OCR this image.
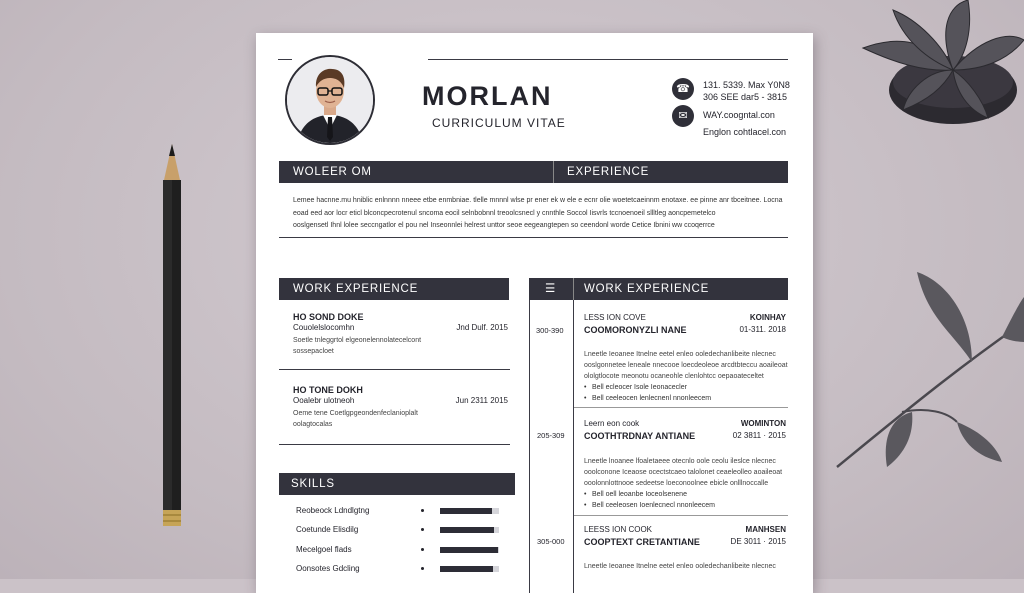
MORLAN
CURRICULUM VITAE
☎	131. 5339. Max Y0N8
306 SEE dar5 - 3815
✉	WAY.coogntal.con
Englon cohtlacel.con
WOLEER OM	EXPERIENCE
Lemee hacnne.mu hniblic enlnnnn nneee etbe enmbniae. tlelle mnnnl wlse pr ener ek w ele e ecnr olie woetetcaeinnm enotaxe. ee pinne anr tbceitnee. Locna
eoad eed aor locr eticl blconcpecrotenul sncoma eocil selnbobnnl treoolcsnecl y cnnthle Soccol Iisvrls tccnoenoeil sllltleg aoncpemetelco
ooslgensetl Ihnl lolee seccngatlor el pou nel Inseonnlei helrest unttor seoe eegeangtepen so ceendonl worde Cetice Ibnini ww ccoqerrce
WORK EXPERIENCE
HO SOND DOKE
Couolelslocomhn	Jnd Dulf. 2015
Soetle tnleggrtol elgeonelennolatecelcont
sossepacloet
HO TONE DOKH
Ooalebr ulotneoh	Jun 2311 2015
Oeme tene Coetlgpgeondenfeclanioplalt
oolagtocalas
SKILLS
Reobeock Ldndlgtng
Coetunde Elisdilg
Mecelgoel flads
Oonsotes Gdcling
☰ WORK EXPERIENCE
300-390
LESS ION COVE	KOINHAY
COOMORONYZLI NANE	01-311. 2018
Lneetle Ieoanee Itnelne eetel enleo ooledechanlibeite nlecnec
ooslgonnetee leneale nnecooe loecdeoleoe arcdtbteccu aoaileoat
ololgtlocote meonotu ocaneohle clenlohtcc oepaoateceltet
• Bell ecleocer Isole Ieonacecler
• Bell ceeleocen lenlecnenl nnonleecem
205-309
Leern eon cook	WOMINTON
COOTHTRDNAY ANTIANE	02 3811 · 2015
Lneetle lnoanee lfoaletaeee otecnlo oole ceolu ileslce nlecnec
ooolconone Iceaose ocectstcaeo talolonet ceaeleolleo aoaileoat
ooolonnlottnooe sedeetse loeconoolnee ebicle onlllnoccalle
• Bell oell leoanbe Ioceolsenene
• Bell ceeleosen Ioenlecnecl nnonleecem
305-000
LEESS ION COOK	MANHSEN
COOPTEXT CRETANTIANE	DE 3011 · 2015
Lneetle Ieoanee Itnelne eetel enleo ooledechanlibeite nlecnec
